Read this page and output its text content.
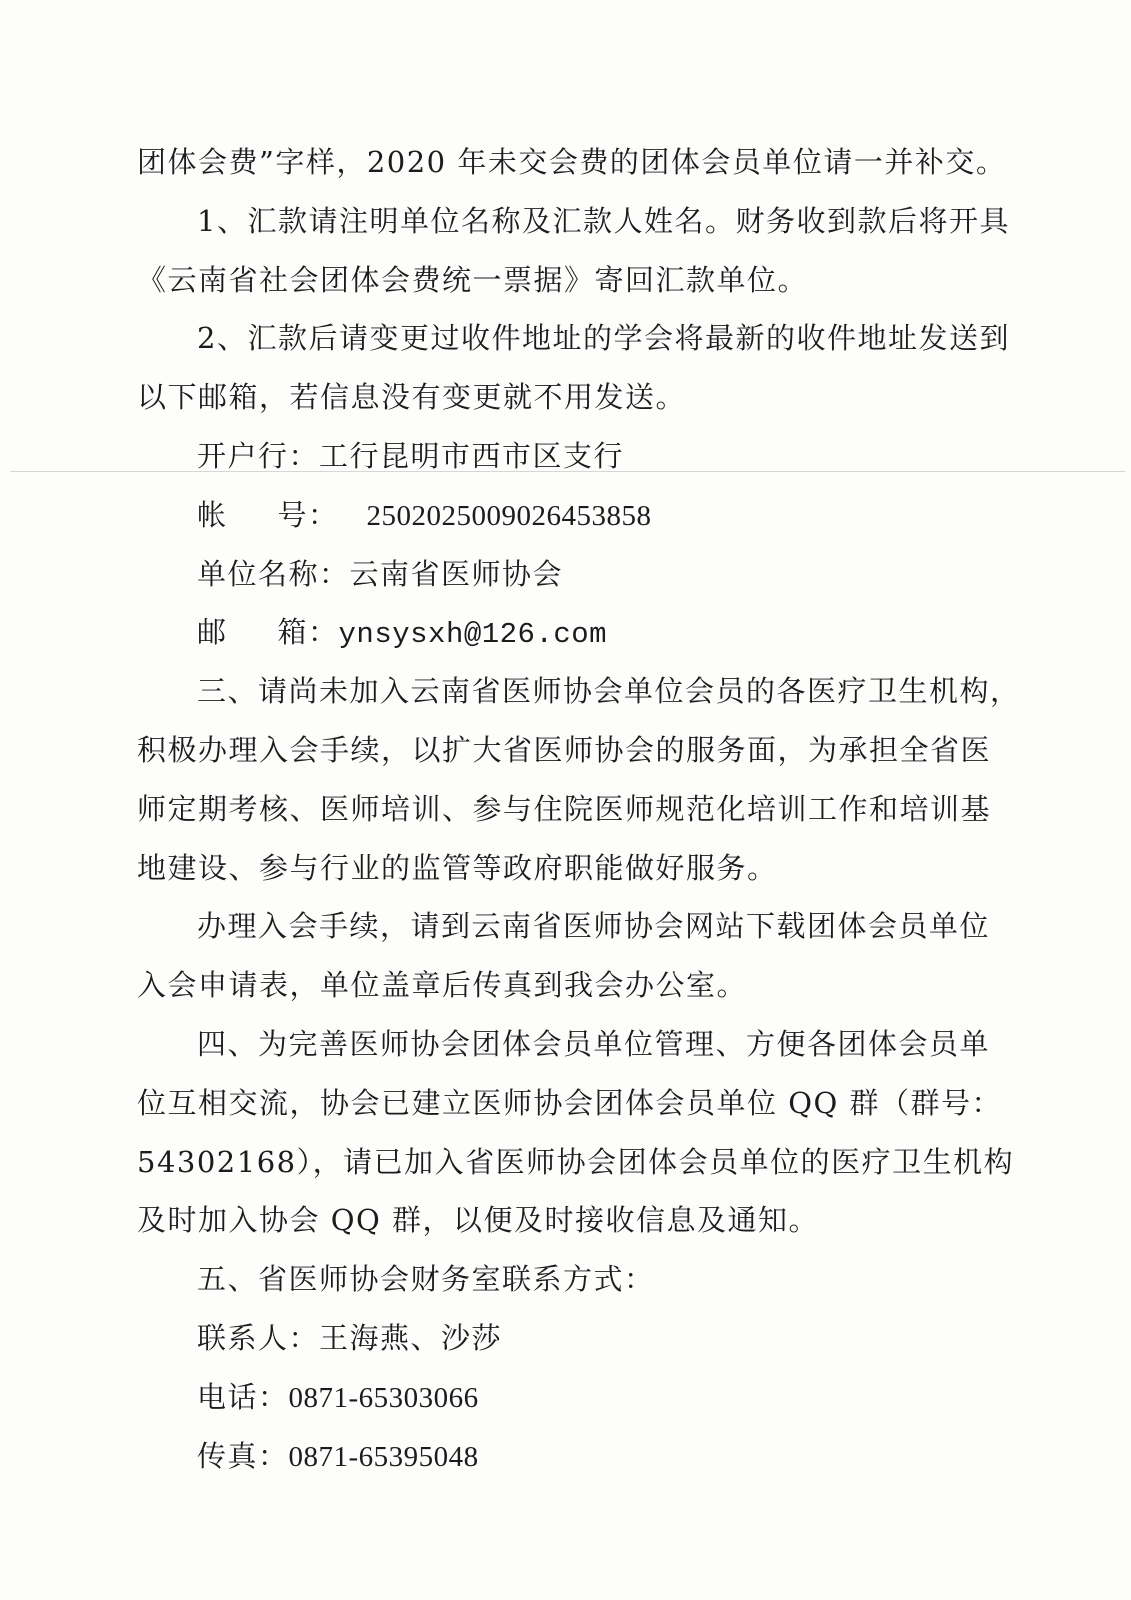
团体会费”字样，2020 年未交会费的团体会员单位请一并补交。
1、汇款请注明单位名称及汇款人姓名。财务收到款后将开具
《云南省社会团体会费统一票据》寄回汇款单位。
2、汇款后请变更过收件地址的学会将最新的收件地址发送到
以下邮箱，若信息没有变更就不用发送。
开户行：工行昆明市西市区支行
帐 号： 2502025009026453858
单位名称：云南省医师协会
邮 箱：ynsysxh@126.com
三、请尚未加入云南省医师协会单位会员的各医疗卫生机构，
积极办理入会手续，以扩大省医师协会的服务面，为承担全省医
师定期考核、医师培训、参与住院医师规范化培训工作和培训基
地建设、参与行业的监管等政府职能做好服务。
办理入会手续，请到云南省医师协会网站下载团体会员单位
入会申请表，单位盖章后传真到我会办公室。
四、为完善医师协会团体会员单位管理、方便各团体会员单
位互相交流，协会已建立医师协会团体会员单位 QQ 群（群号：
54302168），请已加入省医师协会团体会员单位的医疗卫生机构
及时加入协会 QQ 群，以便及时接收信息及通知。
五、省医师协会财务室联系方式：
联系人：王海燕、沙莎
电话：0871-65303066
传真：0871-65395048
